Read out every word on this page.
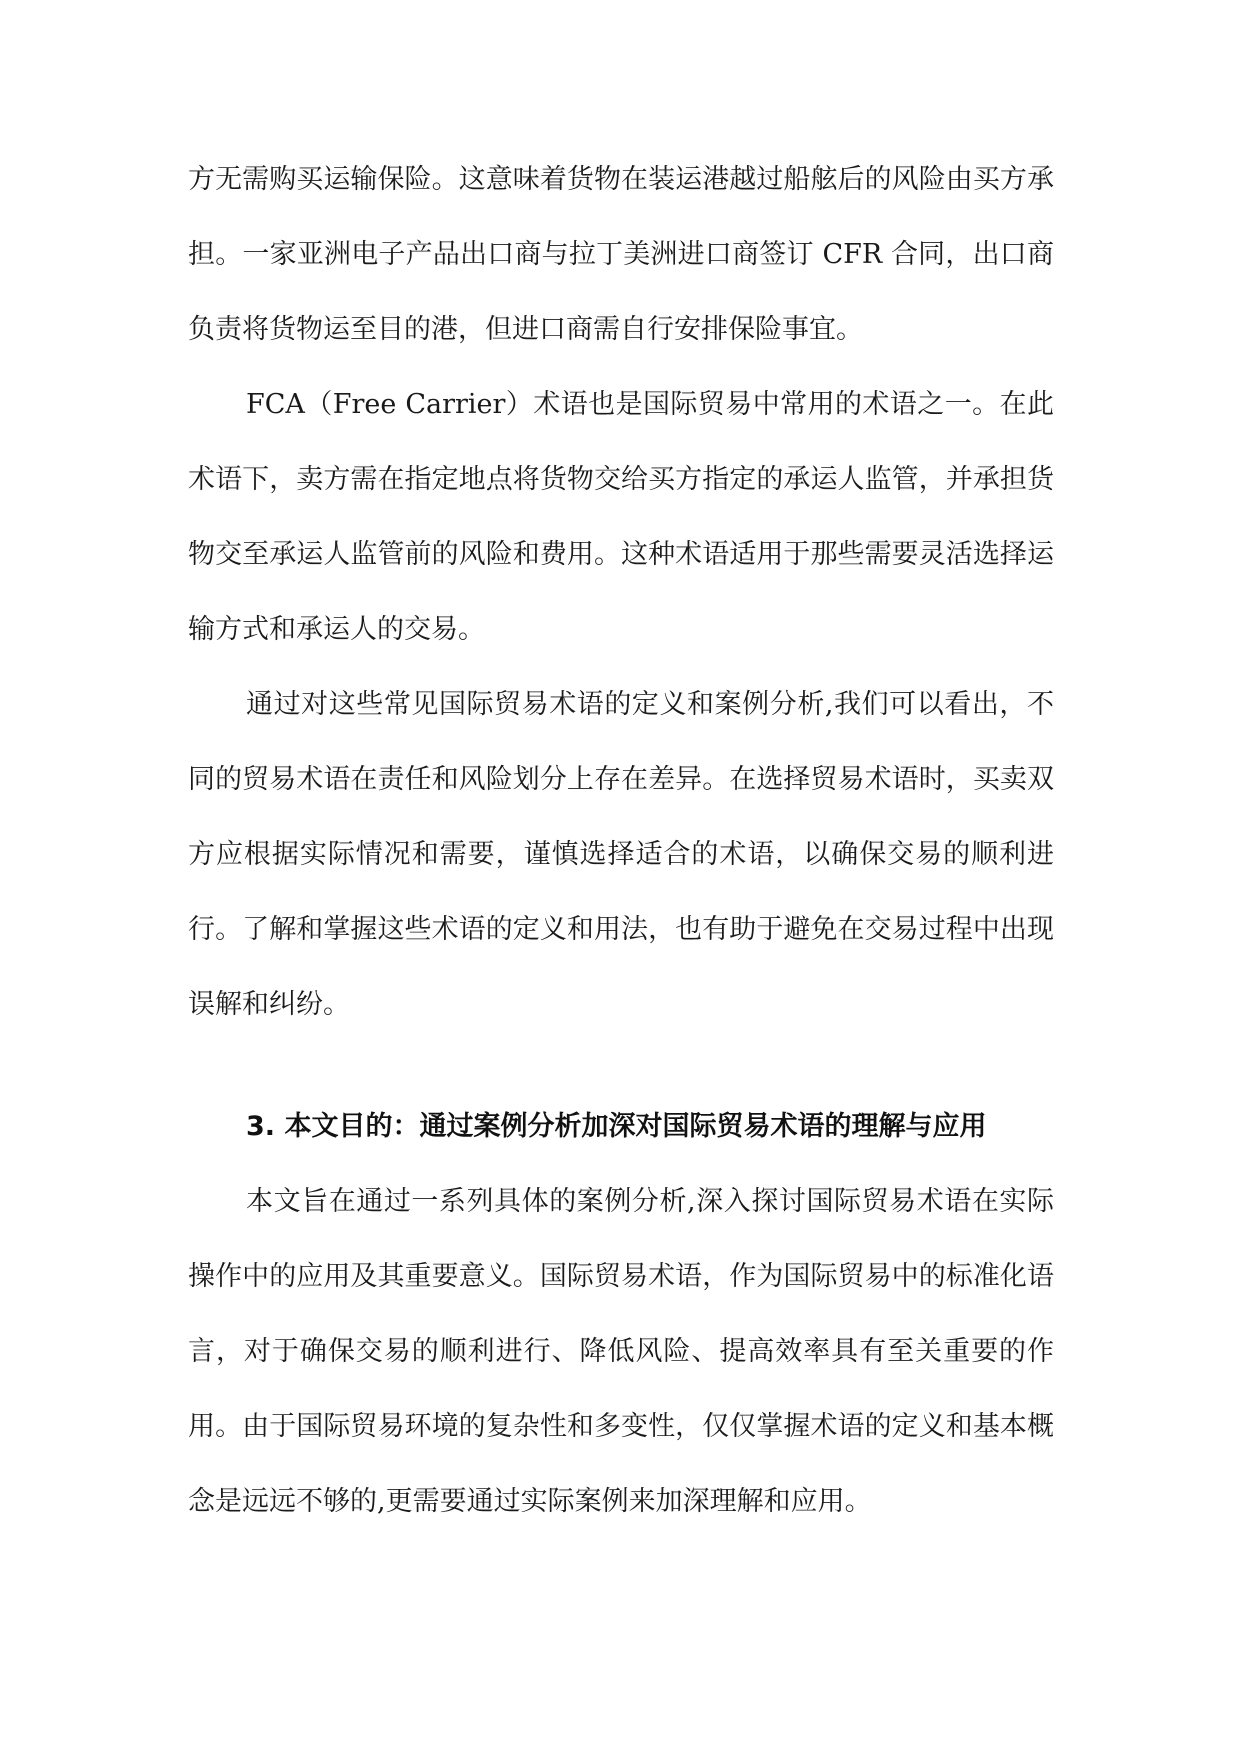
方无需购买运输保险。这意味着货物在装运港越过船舷后的风险由买方承担。一家亚洲电子产品出口商与拉丁美洲进口商签订 CFR 合同，出口商负责将货物运至目的港，但进口商需自行安排保险事宜。

FCA（Free Carrier）术语也是国际贸易中常用的术语之一。在此术语下，卖方需在指定地点将货物交给买方指定的承运人监管，并承担货物交至承运人监管前的风险和费用。这种术语适用于那些需要灵活选择运输方式和承运人的交易。

通过对这些常见国际贸易术语的定义和案例分析,我们可以看出，不同的贸易术语在责任和风险划分上存在差异。在选择贸易术语时，买卖双方应根据实际情况和需要，谨慎选择适合的术语，以确保交易的顺利进行。了解和掌握这些术语的定义和用法，也有助于避免在交易过程中出现误解和纠纷。

3. 本文目的：通过案例分析加深对国际贸易术语的理解与应用

本文旨在通过一系列具体的案例分析,深入探讨国际贸易术语在实际操作中的应用及其重要意义。国际贸易术语，作为国际贸易中的标准化语言，对于确保交易的顺利进行、降低风险、提高效率具有至关重要的作用。由于国际贸易环境的复杂性和多变性，仅仅掌握术语的定义和基本概念是远远不够的,更需要通过实际案例来加深理解和应用。
